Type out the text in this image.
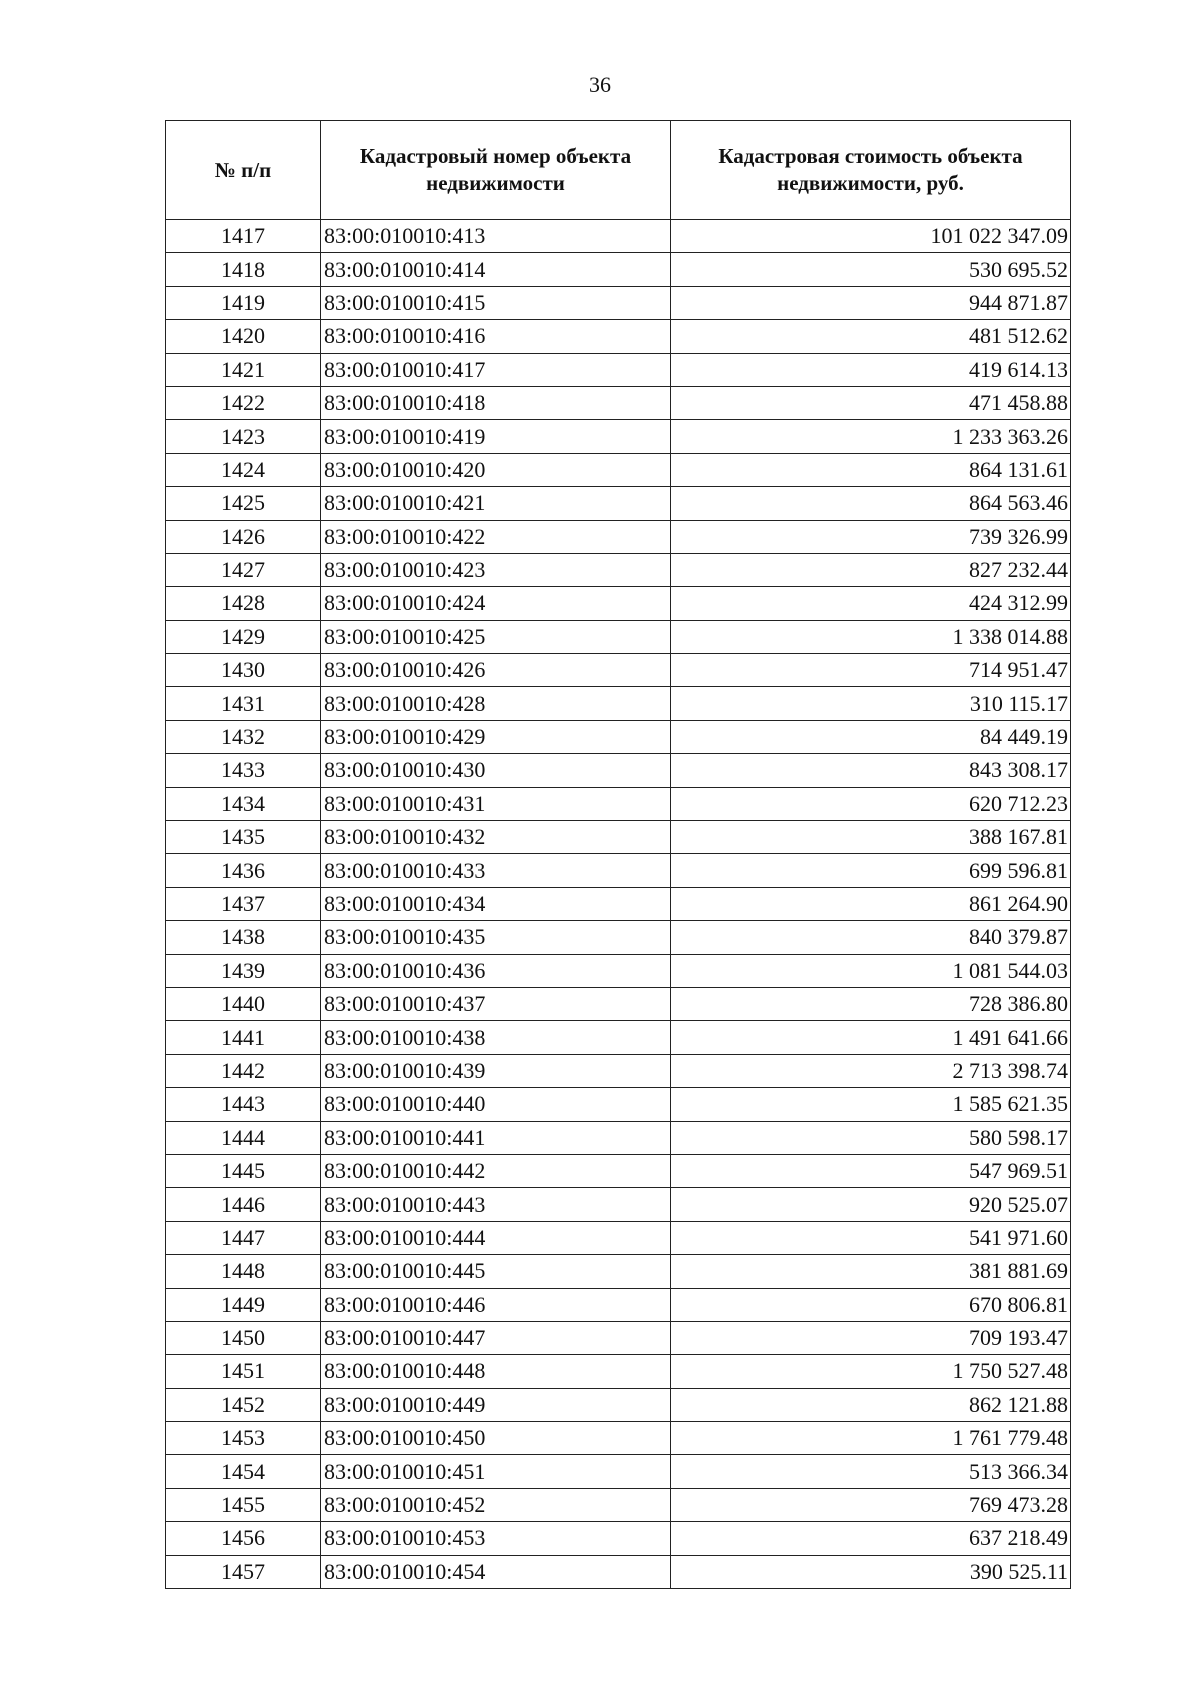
36
№ п/п	Кадастровый номер объекта недвижимости	Кадастровая стоимость объекта недвижимости, руб.
1417	83:00:010010:413	101 022 347.09
1418	83:00:010010:414	530 695.52
1419	83:00:010010:415	944 871.87
1420	83:00:010010:416	481 512.62
1421	83:00:010010:417	419 614.13
1422	83:00:010010:418	471 458.88
1423	83:00:010010:419	1 233 363.26
1424	83:00:010010:420	864 131.61
1425	83:00:010010:421	864 563.46
1426	83:00:010010:422	739 326.99
1427	83:00:010010:423	827 232.44
1428	83:00:010010:424	424 312.99
1429	83:00:010010:425	1 338 014.88
1430	83:00:010010:426	714 951.47
1431	83:00:010010:428	310 115.17
1432	83:00:010010:429	84 449.19
1433	83:00:010010:430	843 308.17
1434	83:00:010010:431	620 712.23
1435	83:00:010010:432	388 167.81
1436	83:00:010010:433	699 596.81
1437	83:00:010010:434	861 264.90
1438	83:00:010010:435	840 379.87
1439	83:00:010010:436	1 081 544.03
1440	83:00:010010:437	728 386.80
1441	83:00:010010:438	1 491 641.66
1442	83:00:010010:439	2 713 398.74
1443	83:00:010010:440	1 585 621.35
1444	83:00:010010:441	580 598.17
1445	83:00:010010:442	547 969.51
1446	83:00:010010:443	920 525.07
1447	83:00:010010:444	541 971.60
1448	83:00:010010:445	381 881.69
1449	83:00:010010:446	670 806.81
1450	83:00:010010:447	709 193.47
1451	83:00:010010:448	1 750 527.48
1452	83:00:010010:449	862 121.88
1453	83:00:010010:450	1 761 779.48
1454	83:00:010010:451	513 366.34
1455	83:00:010010:452	769 473.28
1456	83:00:010010:453	637 218.49
1457	83:00:010010:454	390 525.11
